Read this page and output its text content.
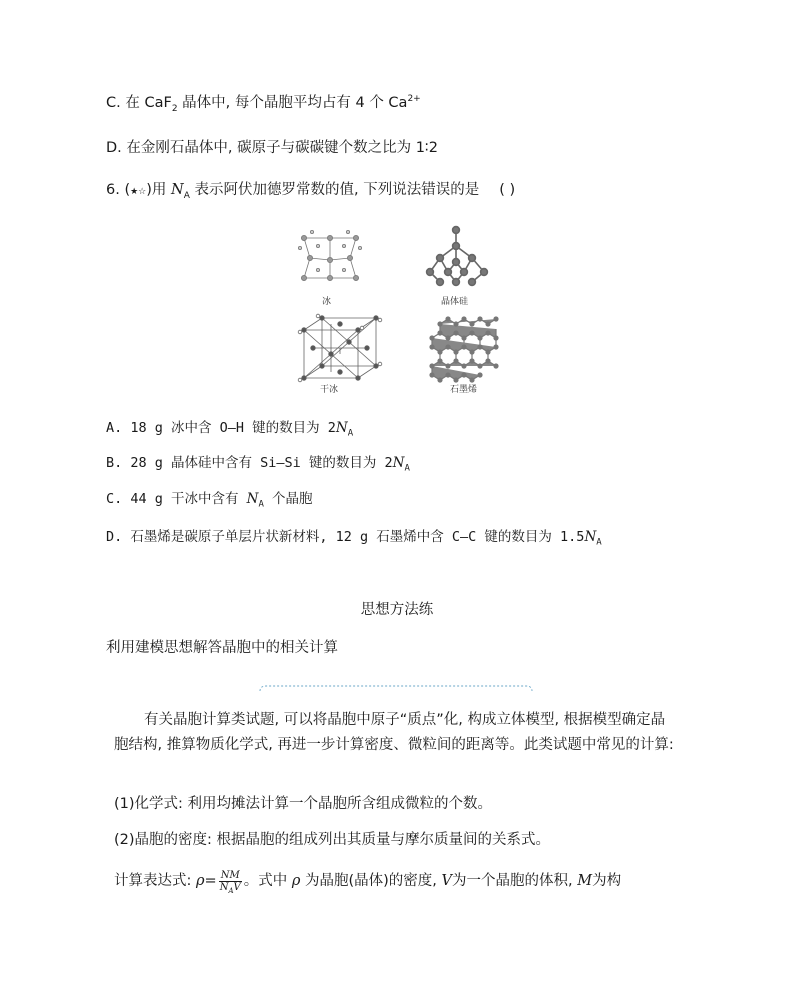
C. 在 CaF$_2$ 晶体中, 每个晶胞平均占有 4 个 $Ca^{2+}$
D. 在金刚石晶体中, 碳原子与碳碳键个数之比为 1∶2
6. (★☆)用 $N_A$ 表示阿伏加德罗常数的值, 下列说法错误的是 ( )
冰	晶体硅
干冰	石墨烯
A. 18 g 冰中含 O—H 键的数目为 $2N_A$
B. 28 g 晶体硅中含有 Si—Si 键的数目为 $2N_A$
C. 44 g 干冰中含有 $N_A$ 个晶胞
D. 石墨烯是碳原子单层片状新材料, 12 g 石墨烯中含 C—C 键的数目为 $1.5N_A$
思想方法练
利用建模思想解答晶胞中的相关计算
有关晶胞计算类试题, 可以将晶胞中原子“质点”化, 构成立体模型, 根据模型确定晶胞结构, 推算物质化学式, 再进一步计算密度、微粒间的距离等。此类试题中常见的计算:
(1)化学式: 利用均摊法计算一个晶胞所含组成微粒的个数。
(2)晶胞的密度: 根据晶胞的组成列出其质量与摩尔质量间的关系式。
计算表达式: $\rho= \frac{NM}{N_AV}$ 。式中 ρ 为晶胞(晶体)的密度, V为一个晶胞的体积, M为构
